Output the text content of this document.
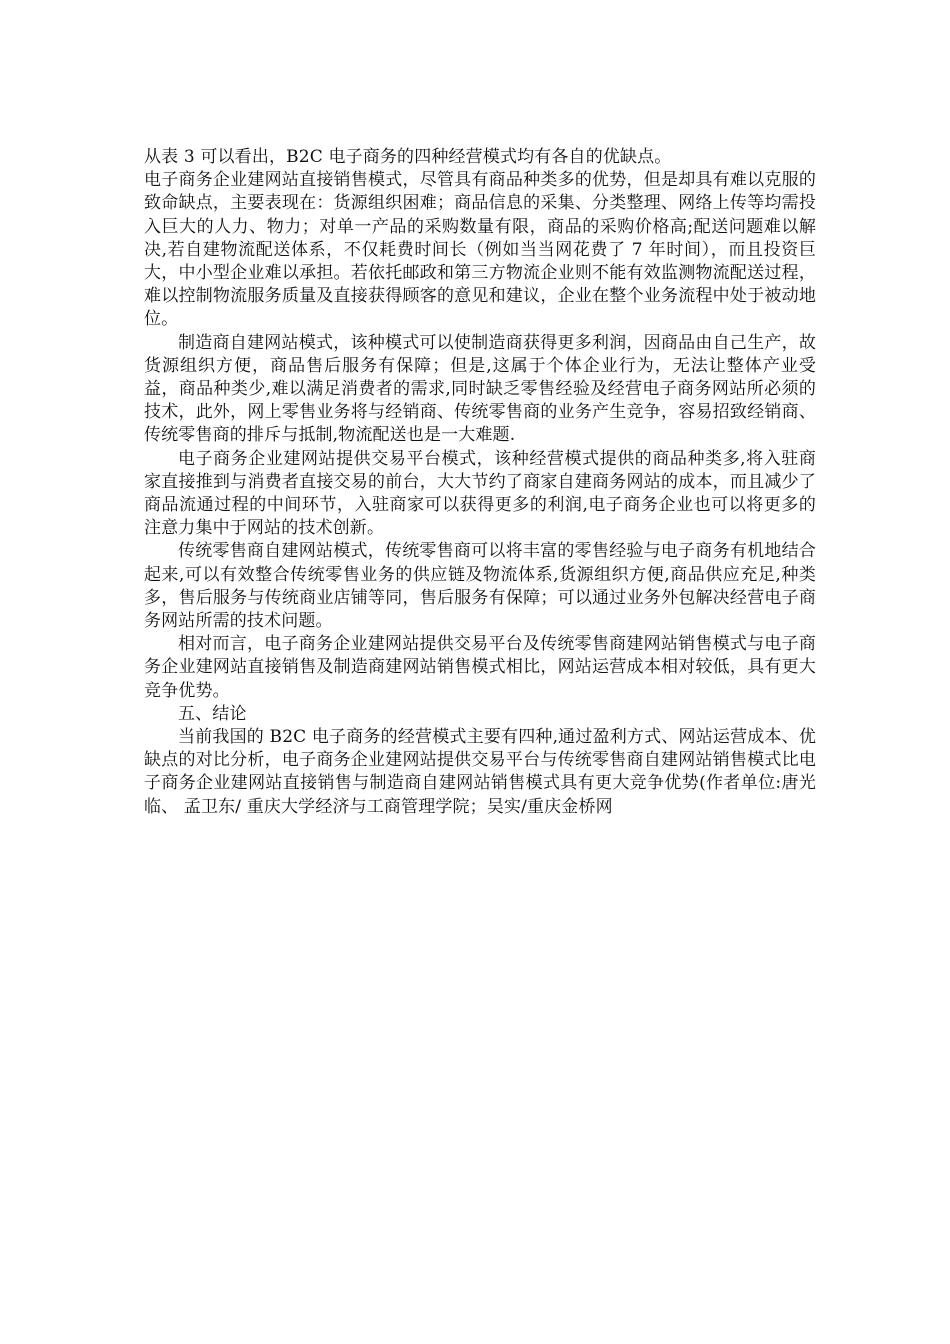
从表 3 可以看出，B2C 电子商务的四种经营模式均有各自的优缺点。

电子商务企业建网站直接销售模式，尽管具有商品种类多的优势，但是却具有难以克服的致命缺点，主要表现在：货源组织困难；商品信息的采集、分类整理、网络上传等均需投入巨大的人力、物力；对单一产品的采购数量有限，商品的采购价格高;配送问题难以解决,若自建物流配送体系，不仅耗费时间长（例如当当网花费了 7 年时间），而且投资巨大，中小型企业难以承担。若依托邮政和第三方物流企业则不能有效监测物流配送过程，难以控制物流服务质量及直接获得顾客的意见和建议，企业在整个业务流程中处于被动地位。

制造商自建网站模式，该种模式可以使制造商获得更多利润，因商品由自己生产，故货源组织方便，商品售后服务有保障；但是,这属于个体企业行为，无法让整体产业受益，商品种类少,难以满足消费者的需求,同时缺乏零售经验及经营电子商务网站所必须的技术，此外，网上零售业务将与经销商、传统零售商的业务产生竞争，容易招致经销商、传统零售商的排斥与抵制,物流配送也是一大难题.

电子商务企业建网站提供交易平台模式，该种经营模式提供的商品种类多,将入驻商家直接推到与消费者直接交易的前台，大大节约了商家自建商务网站的成本，而且减少了商品流通过程的中间环节，入驻商家可以获得更多的利润,电子商务企业也可以将更多的注意力集中于网站的技术创新。

传统零售商自建网站模式，传统零售商可以将丰富的零售经验与电子商务有机地结合起来,可以有效整合传统零售业务的供应链及物流体系,货源组织方便,商品供应充足,种类多，售后服务与传统商业店铺等同，售后服务有保障；可以通过业务外包解决经营电子商务网站所需的技术问题。

相对而言，电子商务企业建网站提供交易平台及传统零售商建网站销售模式与电子商务企业建网站直接销售及制造商建网站销售模式相比，网站运营成本相对较低，具有更大竞争优势。

五、结论

当前我国的 B2C 电子商务的经营模式主要有四种,通过盈利方式、网站运营成本、优缺点的对比分析，电子商务企业建网站提供交易平台与传统零售商自建网站销售模式比电子商务企业建网站直接销售与制造商自建网站销售模式具有更大竞争优势(作者单位:唐光临、 孟卫东/ 重庆大学经济与工商管理学院；吴实/重庆金桥网
